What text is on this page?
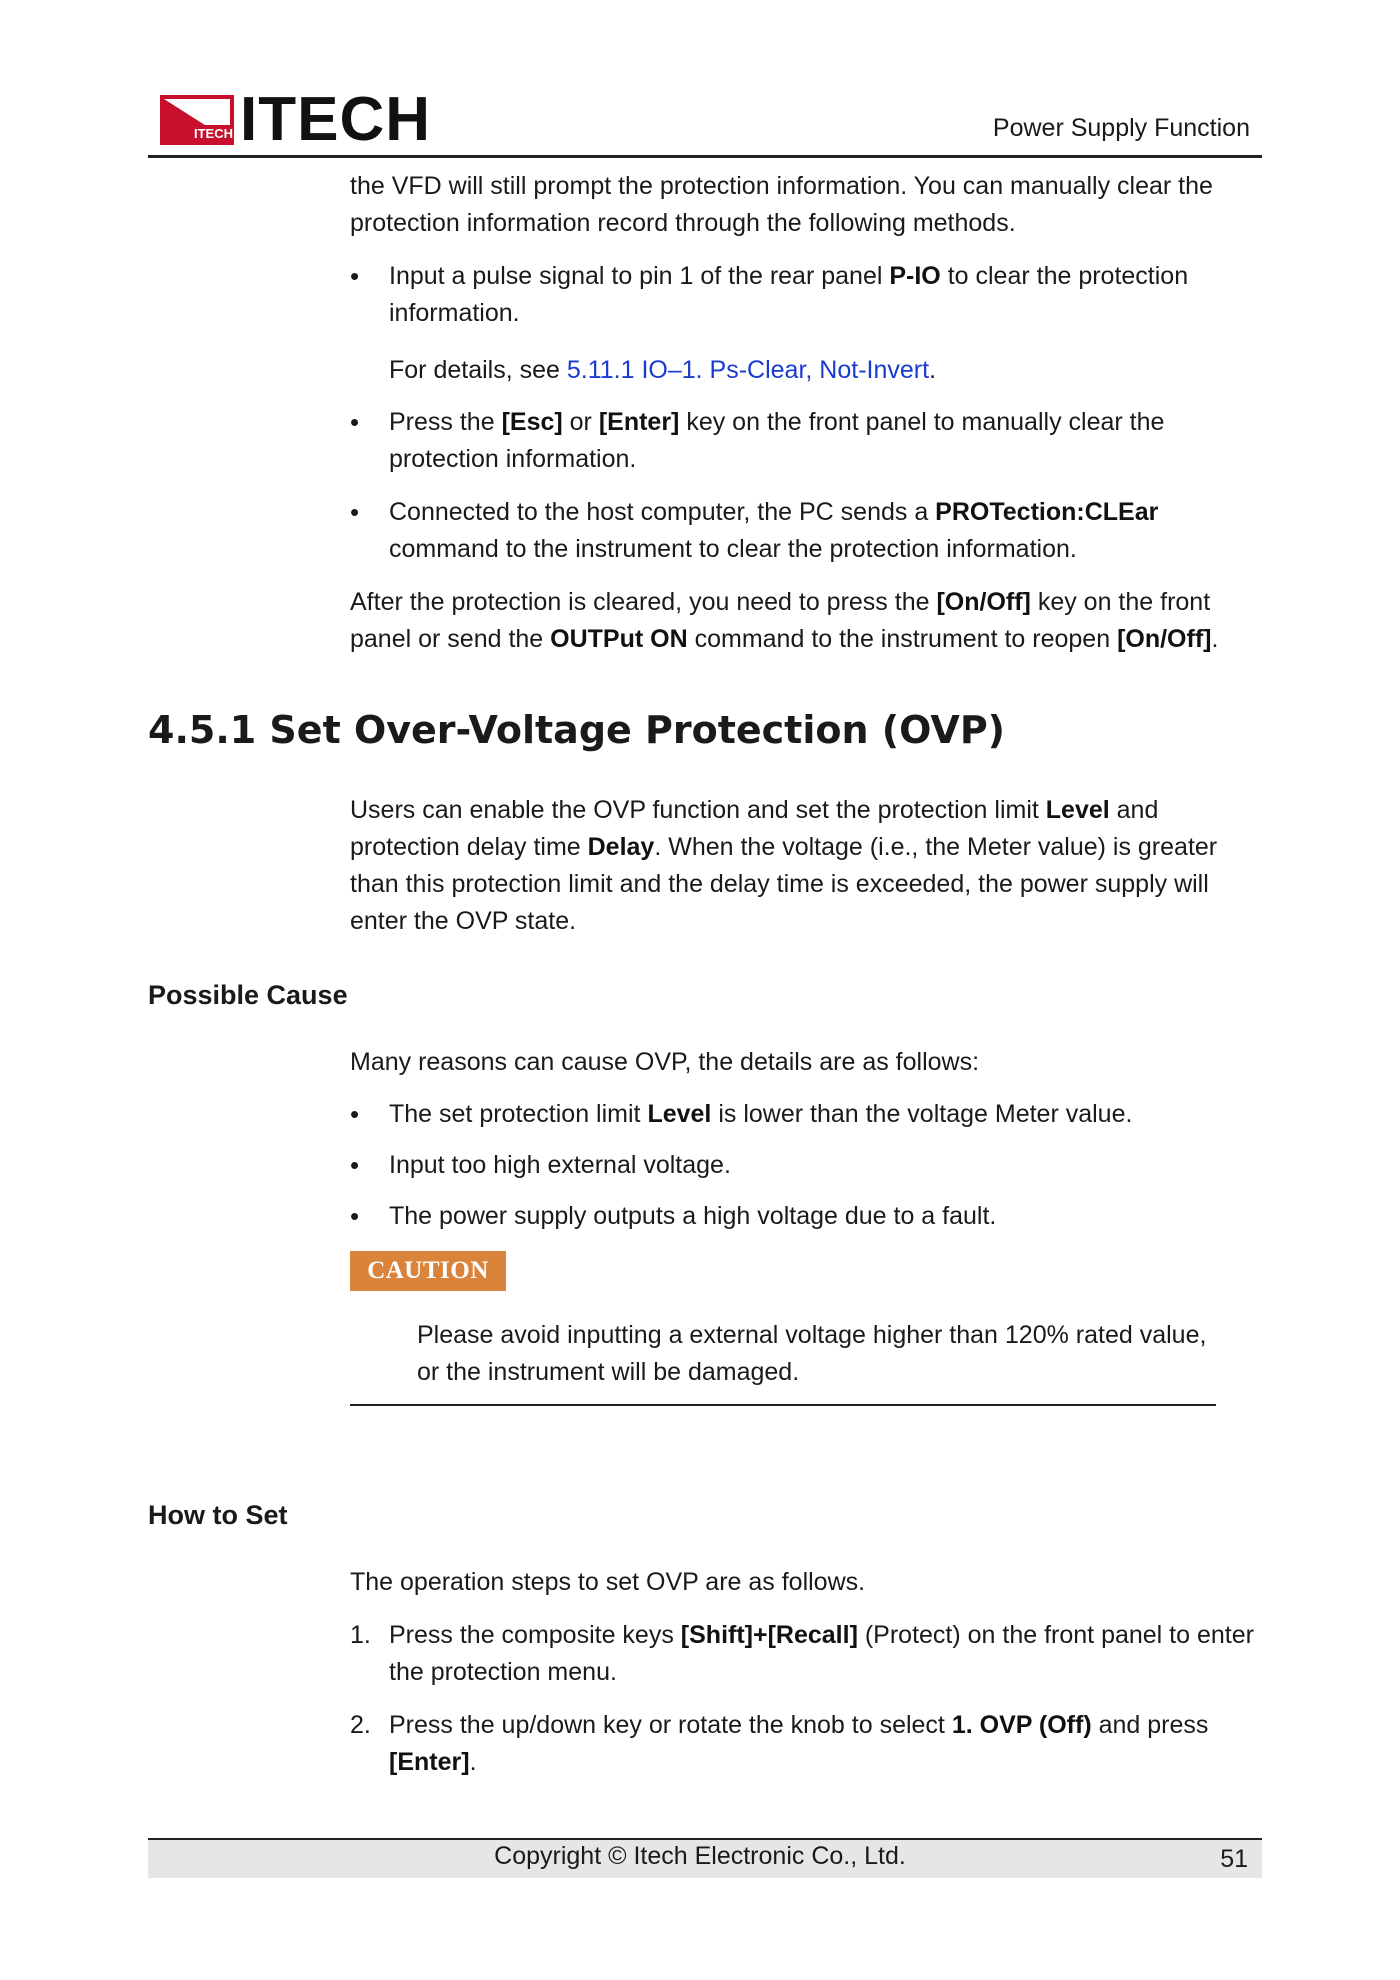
ITECH ITECH	Power Supply Function
the VFD will still prompt the protection information. You can manually clear the protection information record through the following methods.
• Input a pulse signal to pin 1 of the rear panel P-IO to clear the protection information.
For details, see 5.11.1 IO–1. Ps-Clear, Not-Invert.
• Press the [Esc] or [Enter] key on the front panel to manually clear the protection information.
• Connected to the host computer, the PC sends a PROTection:CLEar command to the instrument to clear the protection information.
After the protection is cleared, you need to press the [On/Off] key on the front panel or send the OUTPut ON command to the instrument to reopen [On/Off].
4.5.1 Set Over-Voltage Protection (OVP)
Users can enable the OVP function and set the protection limit Level and protection delay time Delay. When the voltage (i.e., the Meter value) is greater than this protection limit and the delay time is exceeded, the power supply will enter the OVP state.
Possible Cause
Many reasons can cause OVP, the details are as follows:
• The set protection limit Level is lower than the voltage Meter value.
• Input too high external voltage.
• The power supply outputs a high voltage due to a fault.
CAUTION
Please avoid inputting a external voltage higher than 120% rated value, or the instrument will be damaged.
How to Set
The operation steps to set OVP are as follows.
1. Press the composite keys [Shift]+[Recall] (Protect) on the front panel to enter the protection menu.
2. Press the up/down key or rotate the knob to select 1. OVP (Off) and press [Enter].
Copyright © Itech Electronic Co., Ltd.	51
